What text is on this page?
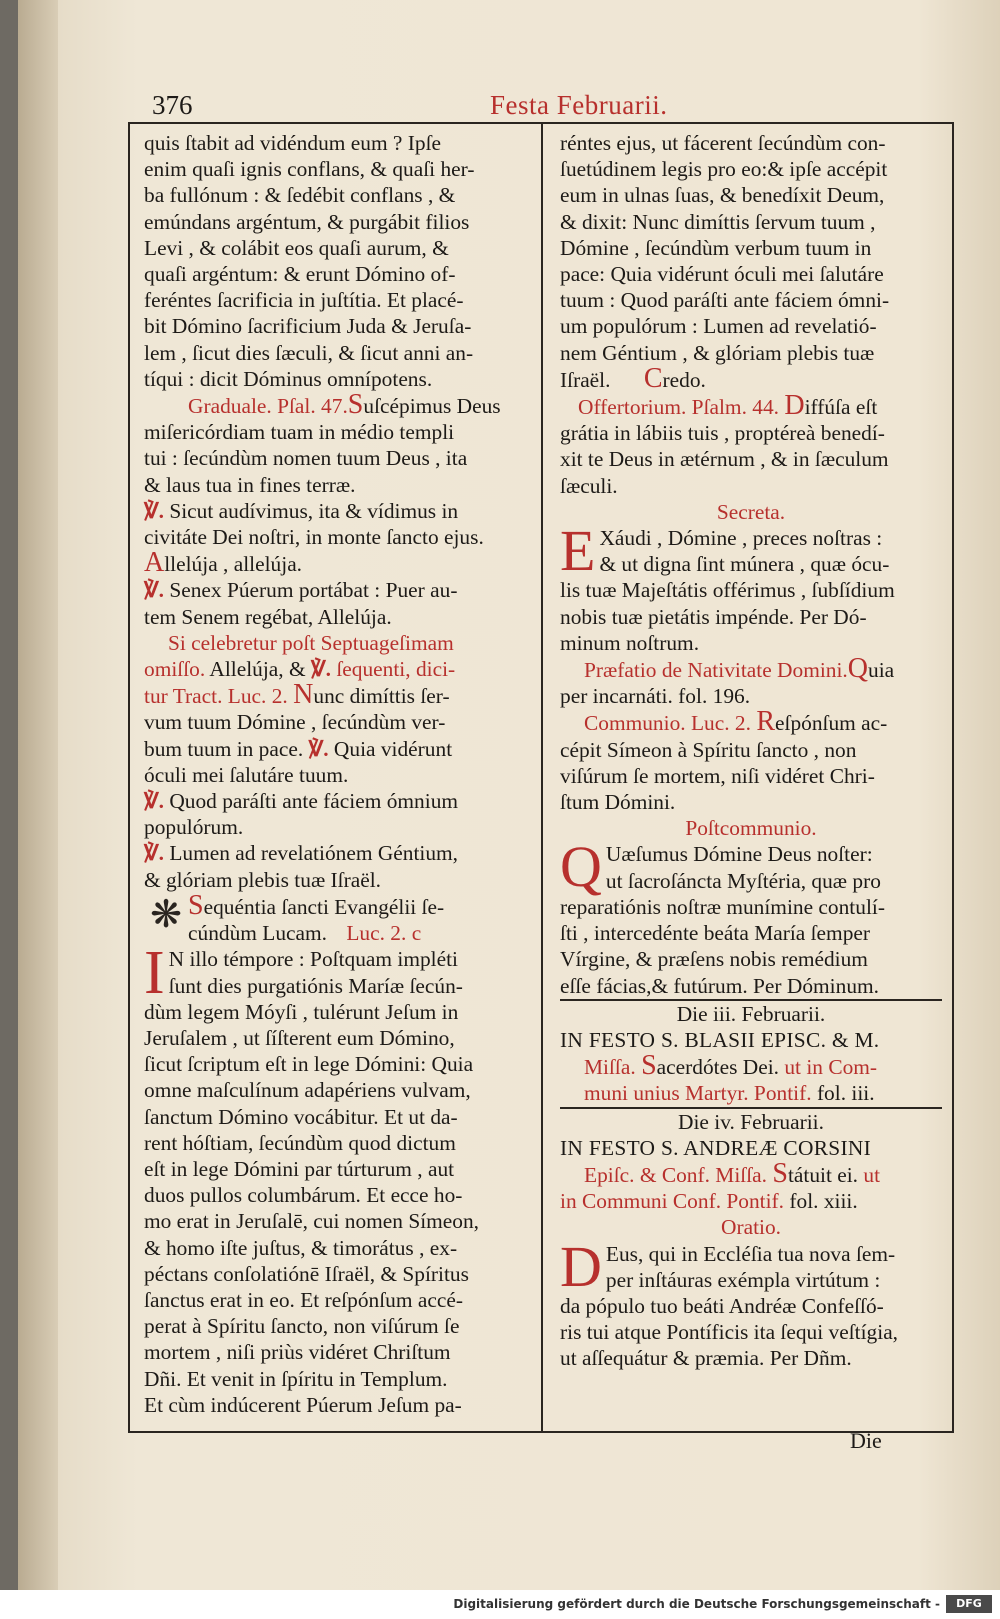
376	Festa Februarii.
quis ſtabit ad vidéndum eum ? Ipſe
enim quaſi ignis conflans, & quaſi her-
ba fullónum : & ſedébit conflans , &
emúndans argéntum, & purgábit filios
Levi , & colábit eos quaſi aurum, &
quaſi argéntum: & erunt Dómino of-
feréntes ſacrificia in juſtítia. Et placé-
bit Dómino ſacrificium Juda & Jeruſa-
lem , ſicut dies ſæculi, & ſicut anni an-
tíqui : dicit Dóminus omnípotens.
Graduale. Pſal. 47.Suſcépimus Deus
miſericórdiam tuam in médio templi
tui : ſecúndùm nomen tuum Deus , ita
& laus tua in fines terræ.
℣. Sicut audívimus, ita & vídimus in
civitáte Dei noſtri, in monte ſancto ejus.
Allelúja , allelúja.
℣. Senex Púerum portábat : Puer au-
tem Senem regébat, Allelúja.
Si celebretur poſt Septuageſimam
omiſſo. Allelúja, & ℣. ſequenti, dici-
tur Tract. Luc. 2. Nunc dimíttis ſer-
vum tuum Dómine , ſecúndùm ver-
bum tuum in pace. ℣. Quia vidérunt
óculi mei ſalutáre tuum.
℣. Quod paráſti ante fáciem ómnium
populórum.
℣. Lumen ad revelatiónem Géntium,
& glóriam plebis tuæ Iſraël.
❋ Sequéntia ſancti Evangélii ſe-
cúndùm Lucam. Luc. 2. c
I N illo témpore : Poſtquam impléti
ſunt dies purgatiónis Maríæ ſecún-
dùm legem Móyſi , tulérunt Jeſum in
Jeruſalem , ut ſíſterent eum Dómino,
ſicut ſcriptum eſt in lege Dómini: Quia
omne maſculínum adapériens vulvam,
ſanctum Dómino vocábitur. Et ut da-
rent hóſtiam, ſecúndùm quod dictum
eſt in lege Dómini par túrturum , aut
duos pullos columbárum. Et ecce ho-
mo erat in Jeruſalē, cui nomen Símeon,
& homo iſte juſtus, & timorátus , ex-
péctans conſolatiónē Iſraël, & Spíritus
ſanctus erat in eo. Et reſpónſum accé-
perat à Spíritu ſancto, non viſúrum ſe
mortem , niſi priùs vidéret Chriſtum
Dñi. Et venit in ſpíritu in Templum.
Et cùm indúcerent Púerum Jeſum pa-
réntes ejus, ut fácerent ſecúndùm con-
ſuetúdinem legis pro eo:& ipſe accépit
eum in ulnas ſuas, & benedíxit Deum,
& dixit: Nunc dimíttis ſervum tuum ,
Dómine , ſecúndùm verbum tuum in
pace: Quia vidérunt óculi mei ſalutáre
tuum : Quod paráſti ante fáciem ómni-
um populórum : Lumen ad revelatió-
nem Géntium , & glóriam plebis tuæ
Iſraël. Credo.
Offertorium. Pſalm. 44. Diffúſa eſt
grátia in lábiis tuis , proptéreà benedí-
xit te Deus in ætérnum , & in ſæculum
ſæculi.
Secreta.
E Xáudi , Dómine , preces noſtras :
& ut digna ſint múnera , quæ ócu-
lis tuæ Majeſtátis offérimus , ſubſídium
nobis tuæ pietátis impénde. Per Dó-
minum noſtrum.
Præfatio de Nativitate Domini.Quia
per incarnáti. fol. 196.
Communio. Luc. 2. Reſpónſum ac-
cépit Símeon à Spíritu ſancto , non
viſúrum ſe mortem, niſi vidéret Chri-
ſtum Dómini.
Poſtcommunio.
Q Uæſumus Dómine Deus noſter:
ut ſacroſáncta Myſtéria, quæ pro
reparatiónis noſtræ munímine contulí-
ſti , intercedénte beáta María ſemper
Vírgine, & præſens nobis remédium
eſſe fácias,& futúrum. Per Dóminum.
Die iii. Februarii.
IN FESTO S. BLASII EPISC. & M.
Miſſa. Sacerdótes Dei. ut in Com-
muni unius Martyr. Pontif. fol. iii.
Die iv. Februarii.
IN FESTO S. ANDREÆ CORSINI
Epiſc. & Conf. Miſſa. Státuit ei. ut
in Communi Conf. Pontif. fol. xiii.
Oratio.
D Eus, qui in Eccléſia tua nova ſem-
per inſtáuras exémpla virtútum :
da pópulo tuo beáti Andréæ Confeſſó-
ris tui atque Pontíficis ita ſequi veſtígia,
ut aſſequátur & præmia. Per Dñm.
Die
Digitalisierung gefördert durch die Deutsche Forschungsgemeinschaft -	DFG
